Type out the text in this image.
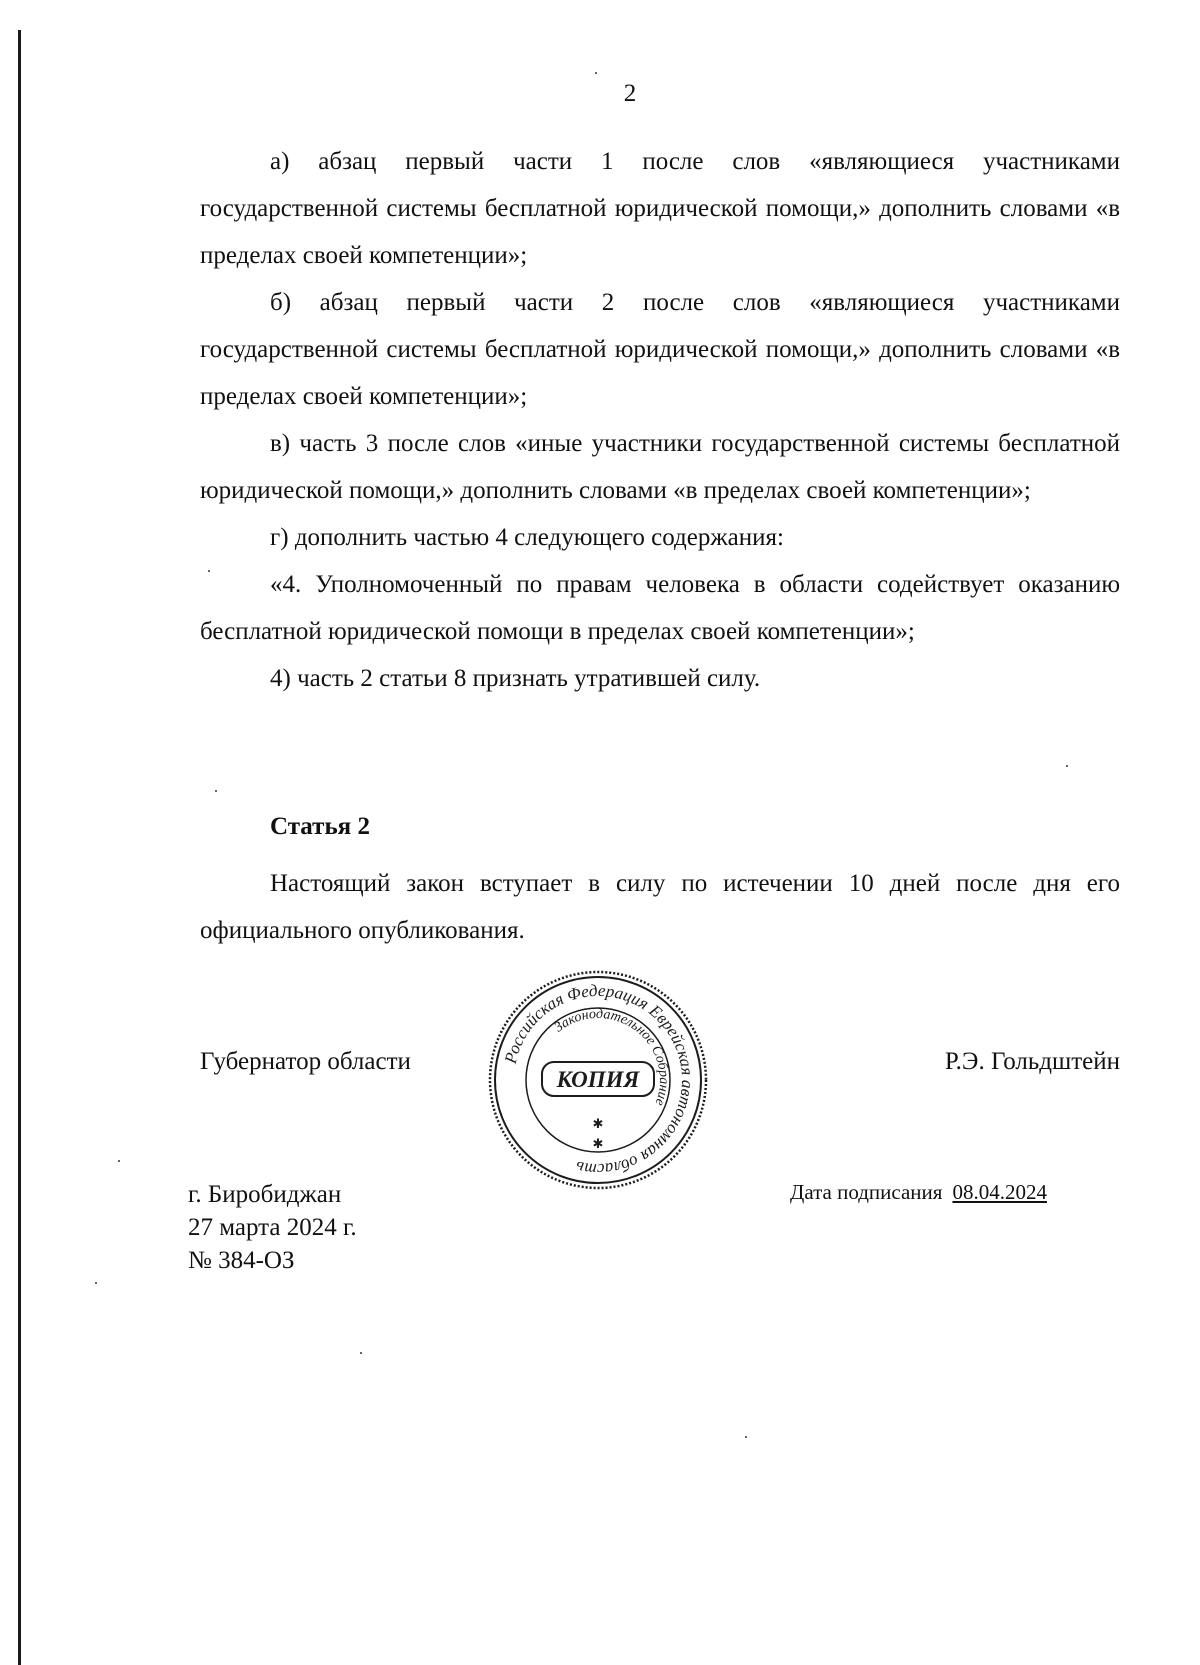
2

а) абзац первый части 1 после слов «являющиеся участниками государственной системы бесплатной юридической помощи,» дополнить словами «в пределах своей компетенции»;

б) абзац первый части 2 после слов «являющиеся участниками государственной системы бесплатной юридической помощи,» дополнить словами «в пределах своей компетенции»;

в) часть 3 после слов «иные участники государственной системы бесплатной юридической помощи,» дополнить словами «в пределах своей компетенции»;

г) дополнить частью 4 следующего содержания:

«4. Уполномоченный по правам человека в области содействует оказанию бесплатной юридической помощи в пределах своей компетенции»;

4) часть 2 статьи 8 признать утратившей силу.

Статья 2

Настоящий закон вступает в силу по истечении 10 дней после дня его официального опубликования.

Губернатор области	Р.Э. Гольдштейн
Российская Федерация Еврейская автономная область
Законодательное Собрание
КОПИЯ
✱
✱
г. Биробиджан
27 марта 2024 г.
№ 384-ОЗ
Дата подписания 08.04.2024
